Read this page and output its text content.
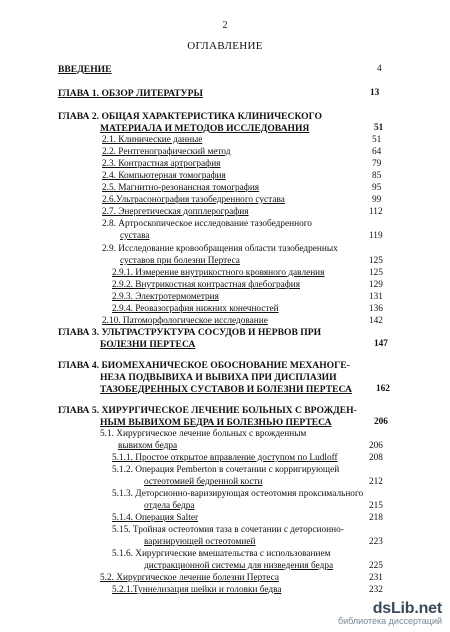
2
ОГЛАВЛЕНИЕ
ВВЕДЕНИЕ	4
ГЛАВА 1. ОБЗОР ЛИТЕРАТУРЫ	13
ГЛАВА 2. ОБЩАЯ ХАРАКТЕРИСТИКА КЛИНИЧЕСКОГО
МАТЕРИАЛА И МЕТОДОВ ИССЛЕДОВАНИЯ	51
2.1. Клинические данные	51
2.2. Рентгенографический метод	64
2.3. Контрастная артрография	79
2.4. Компьютерная томография	85
2.5. Магнитно-резонансная томография	95
2.6.Ультрасонография тазобедренного сустава	99
2.7. Энергетическая допплерография	112
2.8. Артроскопическое исследование тазобедренного
сустава	119
2.9. Исследование кровообращения области тазобедренных
суставов при болезни Пертеса	125
2.9.1. Измерение внутрикостного кровяного давления	125
2.9.2. Внутрикостная контрастная флебография	129
2.9.3. Электротермометрия	131
2.9.4. Реовазография нижних конечностей	136
2.10. Патоморфологическое исследование	142
ГЛАВА 3. УЛЬТРАСТРУКТУРА СОСУДОВ И НЕРВОВ ПРИ
БОЛЕЗНИ ПЕРТЕСА	147
ГЛАВА 4. БИОМЕХАНИЧЕСКОЕ ОБОСНОВАНИЕ МЕХАНОГЕ-
НЕЗА ПОДВЫВИХА И ВЫВИХА ПРИ ДИСПЛАЗИИ
ТАЗОБЕДРЕННЫХ СУСТАВОВ И БОЛЕЗНИ ПЕРТЕСА	162
ГЛАВА 5. ХИРУРГИЧЕСКОЕ ЛЕЧЕНИЕ БОЛЬНЫХ С ВРОЖДЕН-
НЫМ ВЫВИХОМ БЕДРА И БОЛЕЗНЬЮ ПЕРТЕСА	206
5.1. Хирургическое лечение больных с врожденным
вывихом бедра	206
5.1.1. Простое открытое вправление доступом по Ludloff	208
5.1.2. Операция Pemberton в сочетании с корригирующей
остеотомией бедренной кости	212
5.1.3. Деторсионно-варизирующая остеотомия проксимального
отдела бедра	215
5.1.4. Операция Salter	218
5.15. Тройная остеотомия таза в сочетании с деторсионно-
варизирующей остеотомией	223
5.1.6. Хирургические вмешательства с использованием
дистракционной системы для низведения бедра	225
5.2. Хирургическое лечение болезни Пертеса	231
5.2.1.Туннелизация шейки и головки бедва	232
dsLib.net
библиотека диссертаций
